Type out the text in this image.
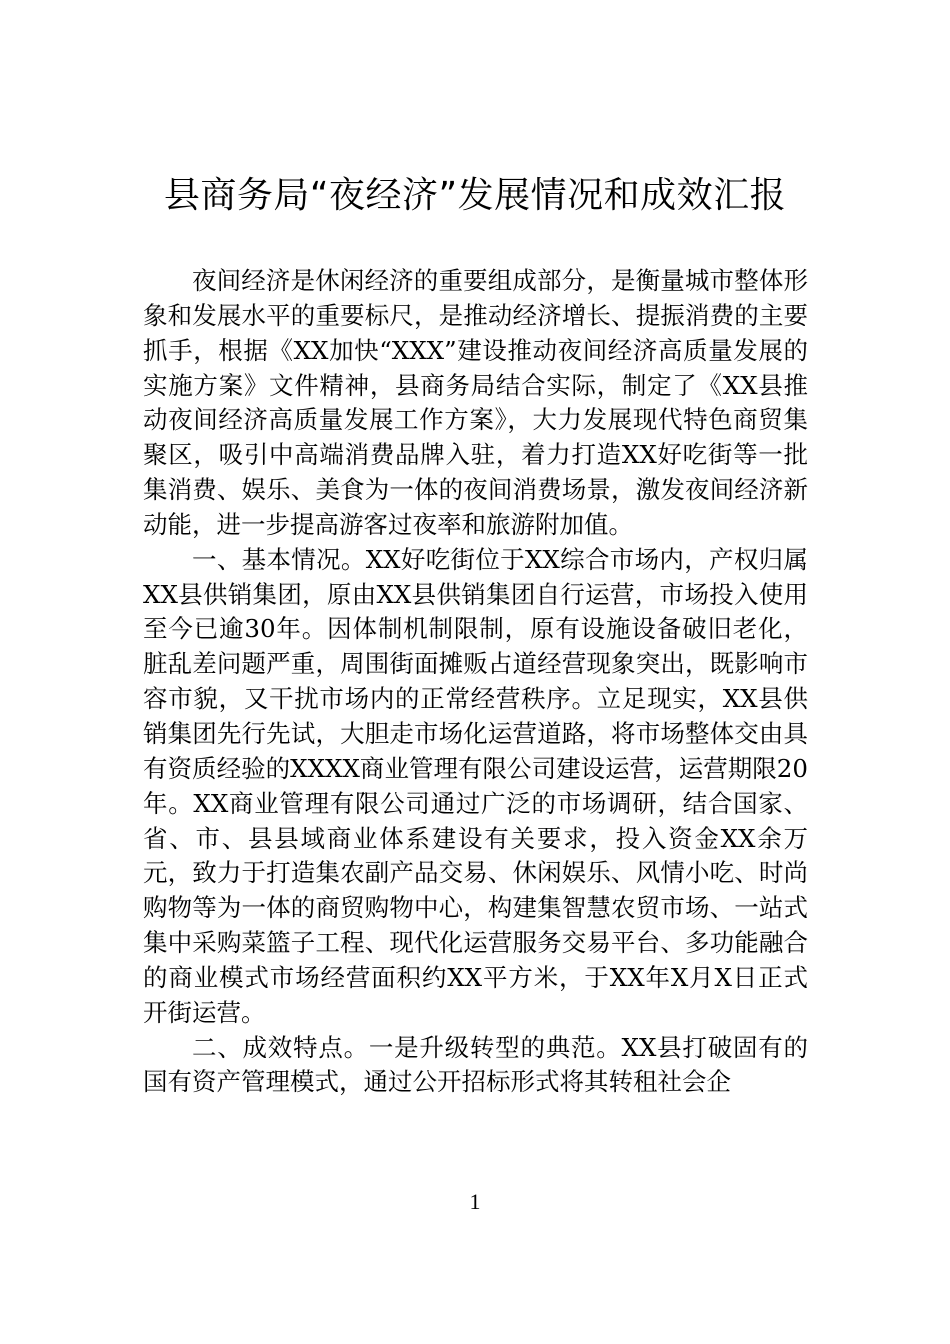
县商务局“夜经济”发展情况和成效汇报

夜间经济是休闲经济的重要组成部分，是衡量城市整体形象和发展水平的重要标尺，是推动经济增长、提振消费的主要抓手，根据《XX加快“XXX”建设推动夜间经济高质量发展的实施方案》文件精神，县商务局结合实际，制定了《XX县推动夜间经济高质量发展工作方案》，大力发展现代特色商贸集聚区，吸引中高端消费品牌入驻，着力打造XX好吃街等一批集消费、娱乐、美食为一体的夜间消费场景，激发夜间经济新动能，进一步提高游客过夜率和旅游附加值。

一、基本情况。XX好吃街位于XX综合市场内，产权归属XX县供销集团，原由XX县供销集团自行运营，市场投入使用至今已逾30年。因体制机制限制，原有设施设备破旧老化，脏乱差问题严重，周围街面摊贩占道经营现象突出，既影响市容市貌，又干扰市场内的正常经营秩序。立足现实，XX县供销集团先行先试，大胆走市场化运营道路，将市场整体交由具有资质经验的XXXX商业管理有限公司建设运营，运营期限20年。XX商业管理有限公司通过广泛的市场调研，结合国家、省、市、县县域商业体系建设有关要求，投入资金XX余万元，致力于打造集农副产品交易、休闲娱乐、风情小吃、时尚购物等为一体的商贸购物中心，构建集智慧农贸市场、一站式集中采购菜篮子工程、现代化运营服务交易平台、多功能融合的商业模式市场经营面积约XX平方米，于XX年X月X日正式开街运营。

二、成效特点。一是升级转型的典范。XX县打破固有的国有资产管理模式，通过公开招标形式将其转租社会企

1
